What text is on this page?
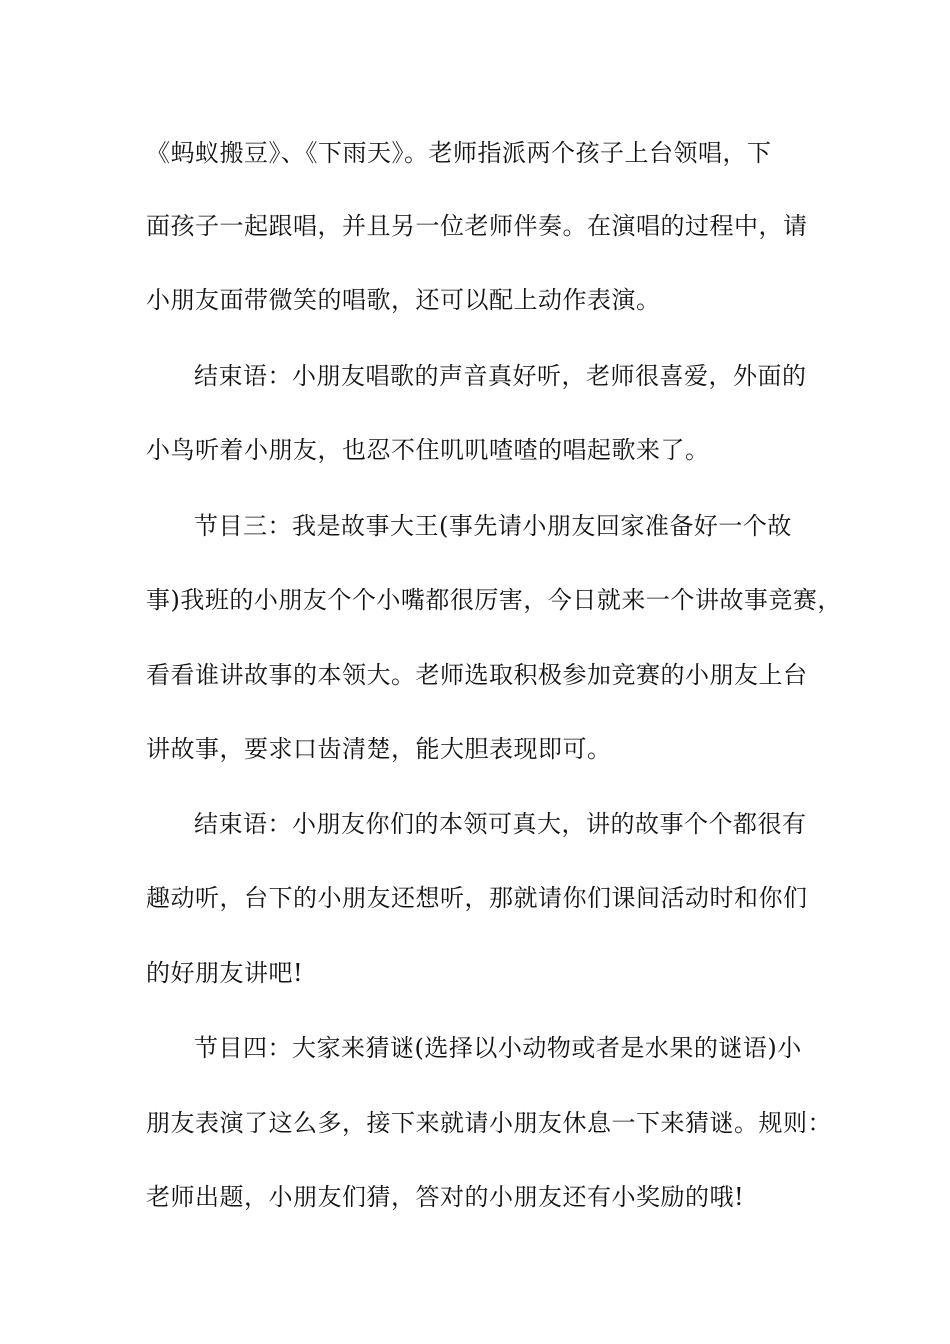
《蚂蚁搬豆》、《下雨天》。老师指派两个孩子上台领唱，下
面孩子一起跟唱，并且另一位老师伴奏。在演唱的过程中，请
小朋友面带微笑的唱歌，还可以配上动作表演。
结束语：小朋友唱歌的声音真好听，老师很喜爱，外面的
小鸟听着小朋友，也忍不住叽叽喳喳的唱起歌来了。
节目三：我是故事大王(事先请小朋友回家准备好一个故
事)我班的小朋友个个小嘴都很厉害，今日就来一个讲故事竞赛，
看看谁讲故事的本领大。老师选取积极参加竞赛的小朋友上台
讲故事，要求口齿清楚，能大胆表现即可。
结束语：小朋友你们的本领可真大，讲的故事个个都很有
趣动听，台下的小朋友还想听，那就请你们课间活动时和你们
的好朋友讲吧!
节目四：大家来猜谜(选择以小动物或者是水果的谜语)小
朋友表演了这么多，接下来就请小朋友休息一下来猜谜。规则：
老师出题，小朋友们猜，答对的小朋友还有小奖励的哦!
